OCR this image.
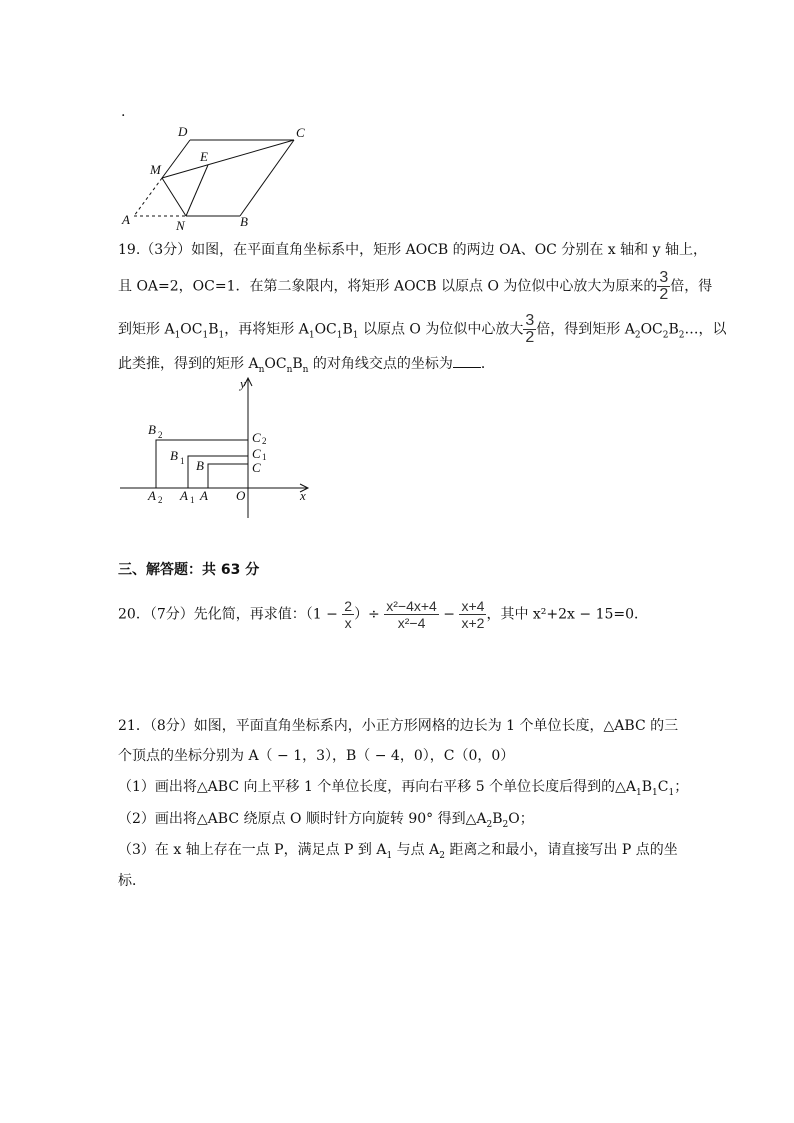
.
D	C
M
E
A	N	B
19.（3分）如图，在平面直角坐标系中，矩形 AOCB 的两边 OA、OC 分别在 x 轴和 y 轴上，
且 OA=2，OC=1．在第二象限内，将矩形 AOCB 以原点 O 为位似中心放大为原来的 $\frac{3}{2}$ 倍，得
到矩形 $A_1OC_1B_1$，再将矩形 $A_1OC_1B_1$ 以原点 O 为位似中心放大 $\frac{3}{2}$ 倍，得到矩形 $A_2OC_2B_2\dots$，以
此类推，得到的矩形 $A_nOC_nB_n$ 的对角线交点的坐标为 ．
y
x
O
B 2
B 1 B
C 2
C 1
C
A 2 A 1 A
三、解答题：共 63 分
20．（7分）先化简，再求值：（$1 - \frac{2}{x}$ ）÷ $\frac{\text{x²−4x+4}}{\text{x²−4}} - \frac{x+4}{x+2}$ ，其中 x²+2x − 15=0．
21．（8分）如图，平面直角坐标系内，小正方形网格的边长为 1 个单位长度，△ABC 的三
个顶点的坐标分别为 A（ − 1，3），B（ − 4，0），C（0，0）
（1）画出将△ABC 向上平移 1 个单位长度，再向右平移 5 个单位长度后得到的$\triangle A_1B_1C_1$；
（2）画出将△ABC 绕原点 O 顺时针方向旋转 90° 得到$\triangle A_2B_2O$；
（3）在 x 轴上存在一点 P，满足点 P 到 $A_1$ 与点 $A_2$ 距离之和最小，请直接写出 P 点的坐
标．
